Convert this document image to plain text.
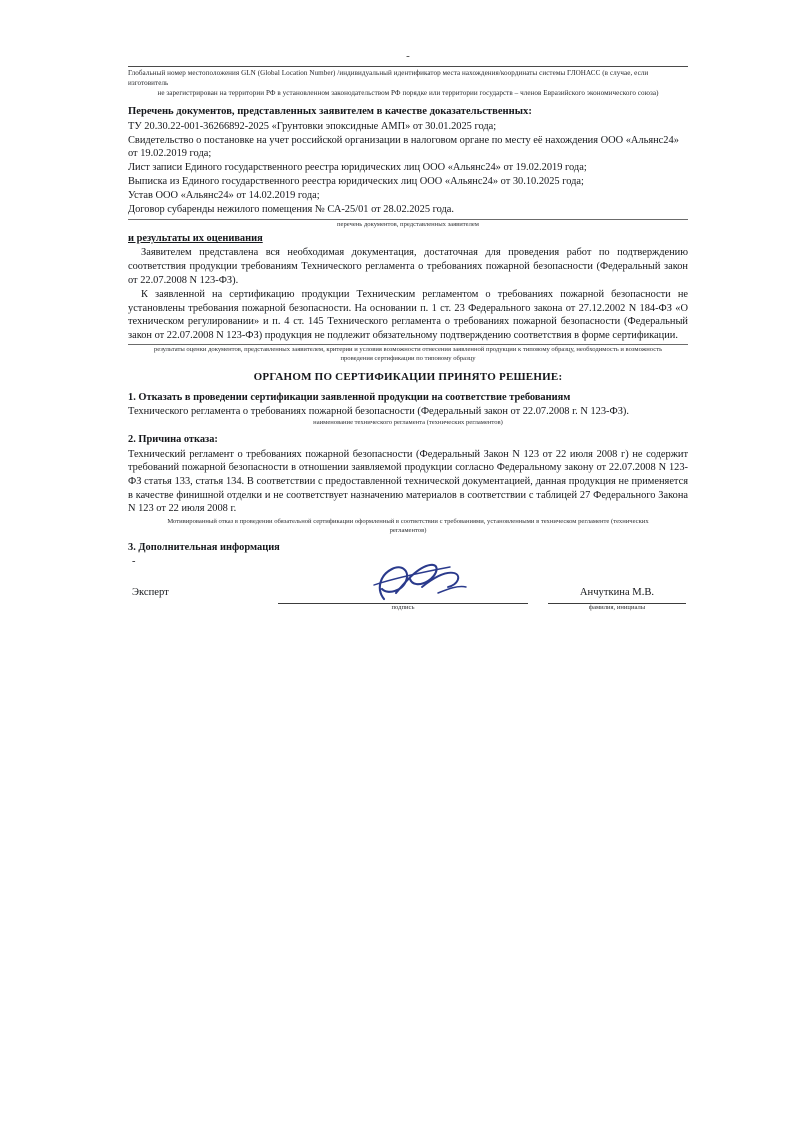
-
Глобальный номер местоположения GLN (Global Location Number) /индивидуальный идентификатор места нахождения/координаты системы ГЛОНАСС (в случае, если изготовитель
не зарегистрирован на территории РФ в установленном законодательством РФ порядке или территории государств – членов Евразийского экономического союза)
Перечень документов, представленных заявителем в качестве доказательственных:
ТУ 20.30.22-001-36266892-2025 «Грунтовки эпоксидные АМП» от 30.01.2025 года;
Свидетельство о постановке на учет российской организации в налоговом органе по месту её нахождения ООО «Альянс24» от 19.02.2019 года;
Лист записи Единого государственного реестра юридических лиц ООО «Альянс24» от 19.02.2019 года;
Выписка из Единого государственного реестра юридических лиц ООО «Альянс24» от 30.10.2025 года;
Устав ООО «Альянс24» от 14.02.2019 года;
Договор субаренды нежилого помещения № СА-25/01 от 28.02.2025 года.
перечень документов, представленных заявителем
и результаты их оценивания
Заявителем представлена вся необходимая документация, достаточная для проведения работ по подтверждению соответствия продукции требованиям Технического регламента о требованиях пожарной безопасности (Федеральный закон от 22.07.2008 N 123-ФЗ).
К заявленной на сертификацию продукции Техническим регламентом о требованиях пожарной безопасности не установлены требования пожарной безопасности. На основании п. 1 ст. 23 Федерального закона от 27.12.2002 N 184-ФЗ «О техническом регулировании» и п. 4 ст. 145 Технического регламента о требованиях пожарной безопасности (Федеральный закон от 22.07.2008 N 123-ФЗ) продукция не подлежит обязательному подтверждению соответствия в форме сертификации.
результаты оценки документов, представленных заявителем, критерии и условия возможности отнесения заявленной продукции к типовому образцу, необходимость и возможность
проведения сертификации по типовому образцу
ОРГАНОМ ПО СЕРТИФИКАЦИИ ПРИНЯТО РЕШЕНИЕ:
1. Отказать в проведении сертификации заявленной продукции на соответствие требованиям
Технического регламента о требованиях пожарной безопасности (Федеральный закон от 22.07.2008 г. N 123-ФЗ).
наименование технического регламента (технических регламентов)
2. Причина отказа:
Технический регламент о требованиях пожарной безопасности (Федеральный Закон N 123 от 22 июля 2008 г) не содержит требований пожарной безопасности в отношении заявляемой продукции согласно Федеральному закону от 22.07.2008 N 123-ФЗ статья 133, статья 134. В соответствии с предоставленной технической документацией, данная продукция не применяется в качестве финишной отделки и не соответствует назначению материалов в соответствии с таблицей 27 Федерального Закона N 123 от 22 июля 2008 г.
Мотивированный отказ в проведении обязательной сертификации оформленный в соответствии с требованиями, установленными в техническом регламенте (технических
регламентов)
3. Дополнительная информация
-
Эксперт
подпись
Анчуткина М.В.
фамилия, инициалы
